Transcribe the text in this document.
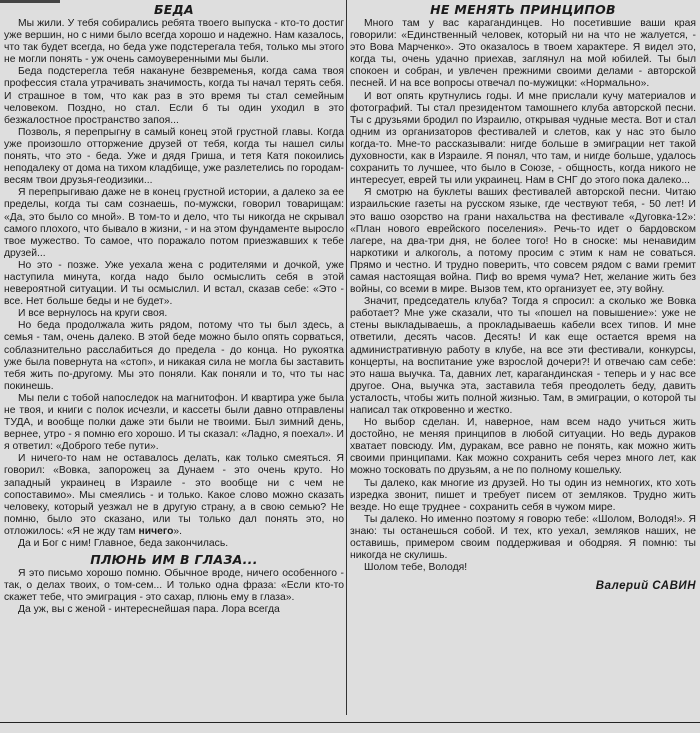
БЕДА

Мы жили. У тебя собирались ребята твоего выпуска - кто-то достиг уже вершин, но с ними было всегда хорошо и надежно. Нам казалось, что так будет всегда, но беда уже подстерегала тебя, только мы этого не могли понять - уж очень самоуверенными мы были.

Беда подстерегла тебя накануне безвременья, когда сама твоя профессия стала утрачивать значимость, когда ты начал терять себя. И страшное в том, что как раз в это время ты стал семейным человеком. Поздно, но стал. Если б ты один уходил в это безжалостное пространство запоя...

Позволь, я перепрыгну в самый конец этой грустной главы. Когда уже произошло отторжение друзей от тебя, когда ты нашел силы понять, что это - беда. Уже и дядя Гриша, и тетя Катя покоились неподалеку от дома на тихом кладбище, уже разлетелись по городам-весям твои друзья-геодизики...

Я перепрыгиваю даже не в конец грустной истории, а далеко за ее пределы, когда ты сам сознаешь, по-мужски, говорил товарищам: «Да, это было со мной». В том-то и дело, что ты никогда не скрывал самого плохого, что бывало в жизни, - и на этом фундаменте выросло твое мужество. То самое, что поражало потом приезжавших к тебе друзей...

Но это - позже. Уже уехала жена с родителями и дочкой, уже наступила минута, когда надо было осмыслить себя в этой невероятной ситуации. И ты осмыслил. И встал, сказав себе: «Это - все. Нет больше беды и не будет».

И все вернулось на круги своя.

Но беда продолжала жить рядом, потому что ты был здесь, а семья - там, очень далеко. В этой беде можно было опять сорваться, соблазнительно расслабиться до предела - до конца. Но рукоятка уже была повернута на «стоп», и никакая сила не могла бы заставить тебя жить по-другому. Мы это поняли. Как поняли и то, что ты нас покинешь.

Мы пели с тобой напоследок на магнитофон. И квартира уже была не твоя, и книги с полок исчезли, и кассеты были давно отправлены ТУДА, и вообще полки даже эти были не твоими. Был зимний день, вернее, утро - я помню его хорошо. И ты сказал: «Ладно, я поехал». И я ответил: «Доброго тебе пути».

И ничего-то нам не оставалось делать, как только смеяться. Я говорил: «Вовка, запорожец за Дунаем - это очень круто. Но западный украинец в Израиле - это вообще ни с чем не сопоставимо». Мы смеялись - и только. Какое слово можно сказать человеку, который уезжал не в другую страну, а в свою семью? Не помню, было это сказано, или ты только дал понять это, но отложилось: «Я не жду там ничего».

Да и Бог с ним! Главное, беда закончилась.

ПЛЮНЬ ИМ В ГЛАЗА...

Я это письмо хорошо помню. Обычное вроде, ничего особенного - так, о делах твоих, о том-сем... И только одна фраза: «Если кто-то скажет тебе, что эмиграция - это сахар, плюнь ему в глаза».

Да уж, вы с женой - интереснейшая пара. Лора всегда

НЕ МЕНЯТЬ ПРИНЦИПОВ

Много там у вас карагандинцев. Но посетившие ваши края говорили: «Единственный человек, который ни на что не жалуется, - это Вова Марченко». Это оказалось в твоем характере. Я видел это, когда ты, очень удачно приехав, заглянул на мой юбилей. Ты был спокоен и собран, и увлечен прежними своими делами - авторской песней. И на все вопросы отвечал по-мужицки: «Нормально».

И вот опять крутнулись годы. И мне прислали кучу материалов и фотографий. Ты стал президентом тамошнего клуба авторской песни. Ты с друзьями бродил по Израилю, открывая чудные места. Вот и стал одним из организаторов фестивалей и слетов, как у нас это было когда-то. Мне-то рассказывали: нигде больше в эмиграции нет такой духовности, как в Израиле. Я понял, что там, и нигде больше, удалось сохранить то лучшее, что было в Союзе, - общность, когда никого не интересует, еврей ты или украинец. Нам в СНГ до этого пока далеко...

Я смотрю на буклеты ваших фестивалей авторской песни. Читаю израильские газеты на русском языке, где чествуют тебя, - 50 лет! И это вашо озорство на грани нахальства на фестивале «Дуговка-12»: «План нового еврейского поселения». Речь-то идет о бардовском лагере, на два-три дня, не более того! Но в сноске: мы ненавидим наркотики и алкоголь, а потому просим с этим к нам не соваться. Прямо и честно. И трудно поверить, что совсем рядом с вами гремит самая настоящая война. Пиф во время чума? Нет, желание жить без войны, со всеми в мире. Вызов тем, кто организует ее, эту войну.

Значит, председатель клуба? Тогда я спросил: а сколько же Вовка работает? Мне уже сказали, что ты «пошел на повышение»: уже не стены выкладываешь, а прокладываешь кабели всех типов. И мне ответили, десять часов. Десять! И как еще остается время на административную работу в клубе, на все эти фестивали, конкурсы, концерты, на воспитание уже взрослой дочери?! И отвечаю сам себе: это наша выучка. Та, давних лет, карагандинская - теперь и у нас все другое. Она, выучка эта, заставила тебя преодолеть беду, давить усталость, чтобы жить полной жизнью. Там, в эмиграции, о которой ты написал так откровенно и жестко.

Но выбор сделан. И, наверное, нам всем надо учиться жить достойно, не меняя принципов в любой ситуации. Но ведь дураков хватает повсюду. Им, дуракам, все равно не понять, как можно жить своими принципами. Как можно сохранить себя через много лет, как можно тосковать по друзьям, а не по полному кошельку.

Ты далеко, как многие из друзей. Но ты один из немногих, кто хоть изредка звонит, пишет и требует писем от земляков. Трудно жить везде. Но еще труднее - сохранить себя в чужом мире.

Ты далеко. Но именно поэтому я говорю тебе: «Шолом, Володя!». Я знаю: ты останешься собой. И тех, кто уехал, земляков наших, не оставишь, примером своим поддерживая и ободряя. Я помню: ты никогда не скулишь.

Шолом тебе, Володя!

Валерий САВИН
